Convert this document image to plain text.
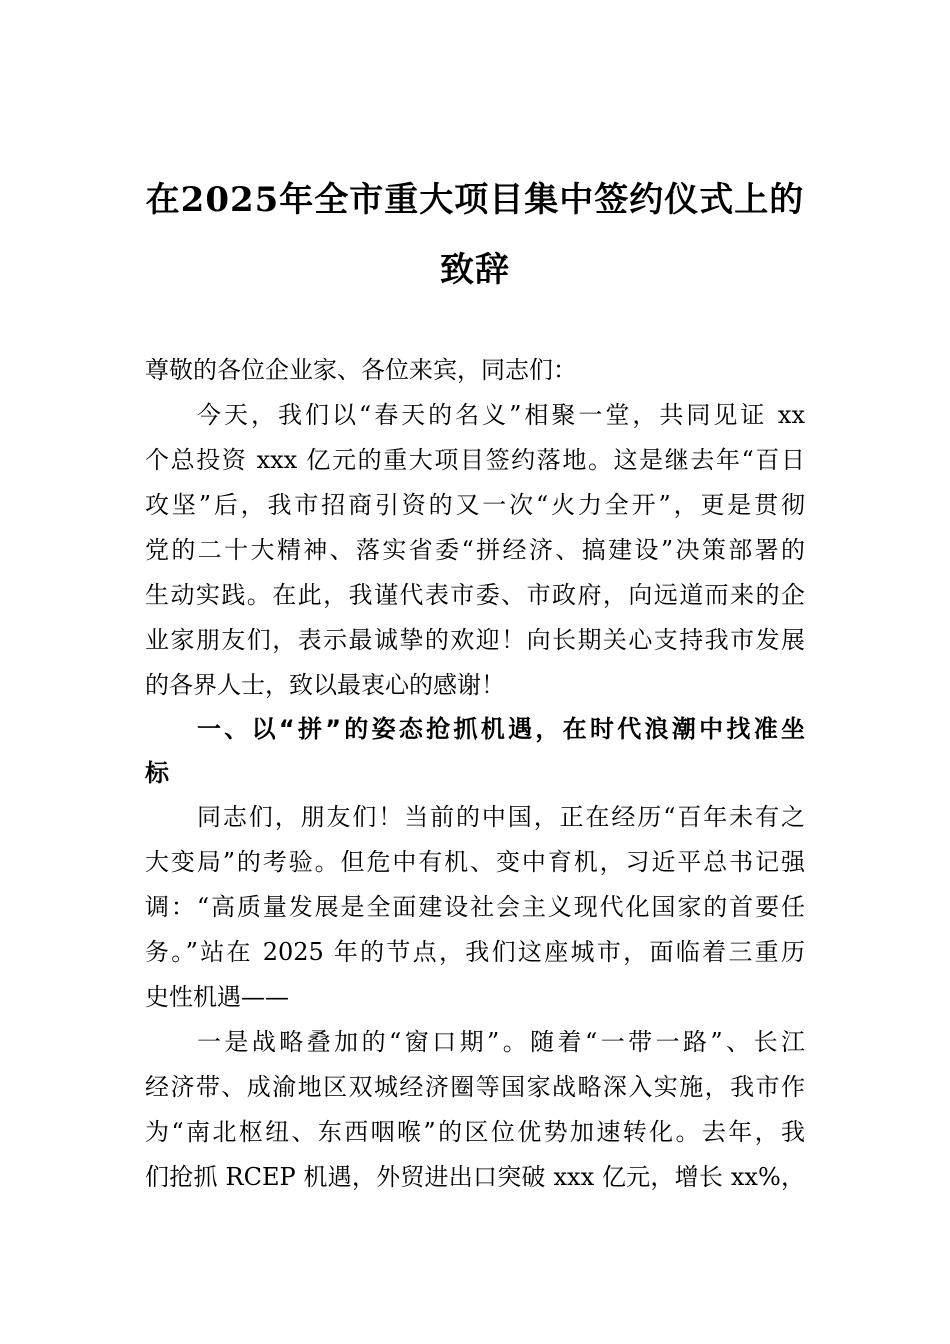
在2025年全市重大项目集中签约仪式上的
致辞
尊敬的各位企业家、各位来宾，同志们：
今天，我们以“春天的名义”相聚一堂，共同见证 xx
个总投资 xxx 亿元的重大项目签约落地。这是继去年“百日
攻坚”后，我市招商引资的又一次“火力全开”，更是贯彻
党的二十大精神、落实省委“拼经济、搞建设”决策部署的
生动实践。在此，我谨代表市委、市政府，向远道而来的企
业家朋友们，表示最诚挚的欢迎！向长期关心支持我市发展
的各界人士，致以最衷心的感谢！
一、以“拼”的姿态抢抓机遇，在时代浪潮中找准坐
标
同志们，朋友们！当前的中国，正在经历“百年未有之
大变局”的考验。但危中有机、变中育机，习近平总书记强
调：“高质量发展是全面建设社会主义现代化国家的首要任
务。”站在 2025 年的节点，我们这座城市，面临着三重历
史性机遇——
一是战略叠加的“窗口期”。随着“一带一路”、长江
经济带、成渝地区双城经济圈等国家战略深入实施，我市作
为“南北枢纽、东西咽喉”的区位优势加速转化。去年，我
们抢抓 RCEP 机遇，外贸进出口突破 xxx 亿元，增长 xx%，
